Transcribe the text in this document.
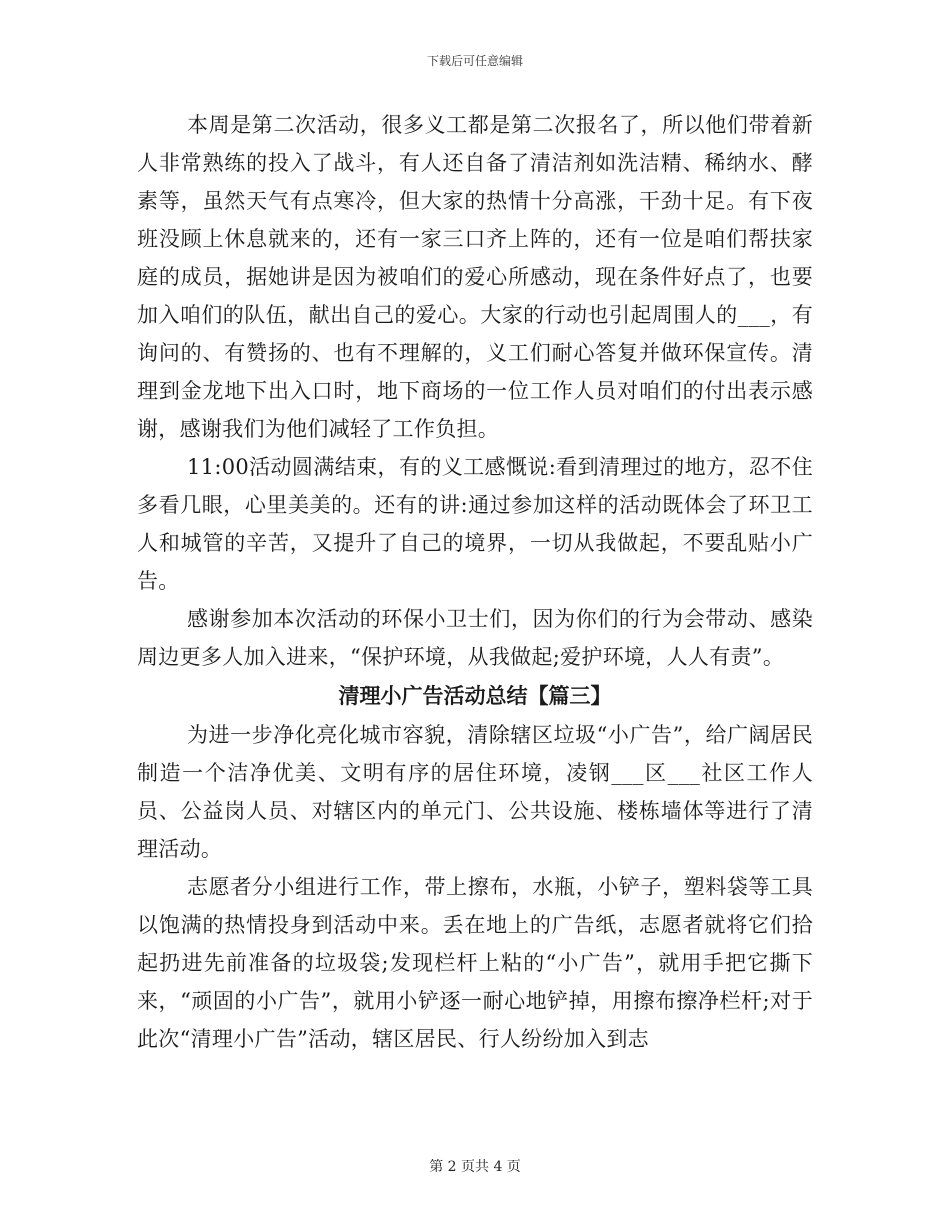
下载后可任意编辑

本周是第二次活动，很多义工都是第二次报名了，所以他们带着新人非常熟练的投入了战斗，有人还自备了清洁剂如洗洁精、稀纳水、酵素等，虽然天气有点寒冷，但大家的热情十分高涨，干劲十足。有下夜班没顾上休息就来的，还有一家三口齐上阵的，还有一位是咱们帮扶家庭的成员，据她讲是因为被咱们的爱心所感动，现在条件好点了，也要加入咱们的队伍，献出自己的爱心。大家的行动也引起周围人的___，有询问的、有赞扬的、也有不理解的，义工们耐心答复并做环保宣传。清理到金龙地下出入口时，地下商场的一位工作人员对咱们的付出表示感谢，感谢我们为他们减轻了工作负担。

11:00活动圆满结束，有的义工感慨说:看到清理过的地方，忍不住多看几眼，心里美美的。还有的讲:通过参加这样的活动既体会了环卫工人和城管的辛苦，又提升了自己的境界，一切从我做起，不要乱贴小广告。

感谢参加本次活动的环保小卫士们，因为你们的行为会带动、感染周边更多人加入进来，“保护环境，从我做起;爱护环境，人人有责”。

清理小广告活动总结【篇三】

为进一步净化亮化城市容貌，清除辖区垃圾“小广告”，给广阔居民制造一个洁净优美、文明有序的居住环境，凌钢___区___社区工作人员、公益岗人员、对辖区内的单元门、公共设施、楼栋墙体等进行了清理活动。

志愿者分小组进行工作，带上擦布，水瓶，小铲子，塑料袋等工具以饱满的热情投身到活动中来。丢在地上的广告纸，志愿者就将它们拾起扔进先前准备的垃圾袋;发现栏杆上粘的“小广告”，就用手把它撕下来，“顽固的小广告”，就用小铲逐一耐心地铲掉，用擦布擦净栏杆;对于此次“清理小广告”活动，辖区居民、行人纷纷加入到志

第 2 页共 4 页
